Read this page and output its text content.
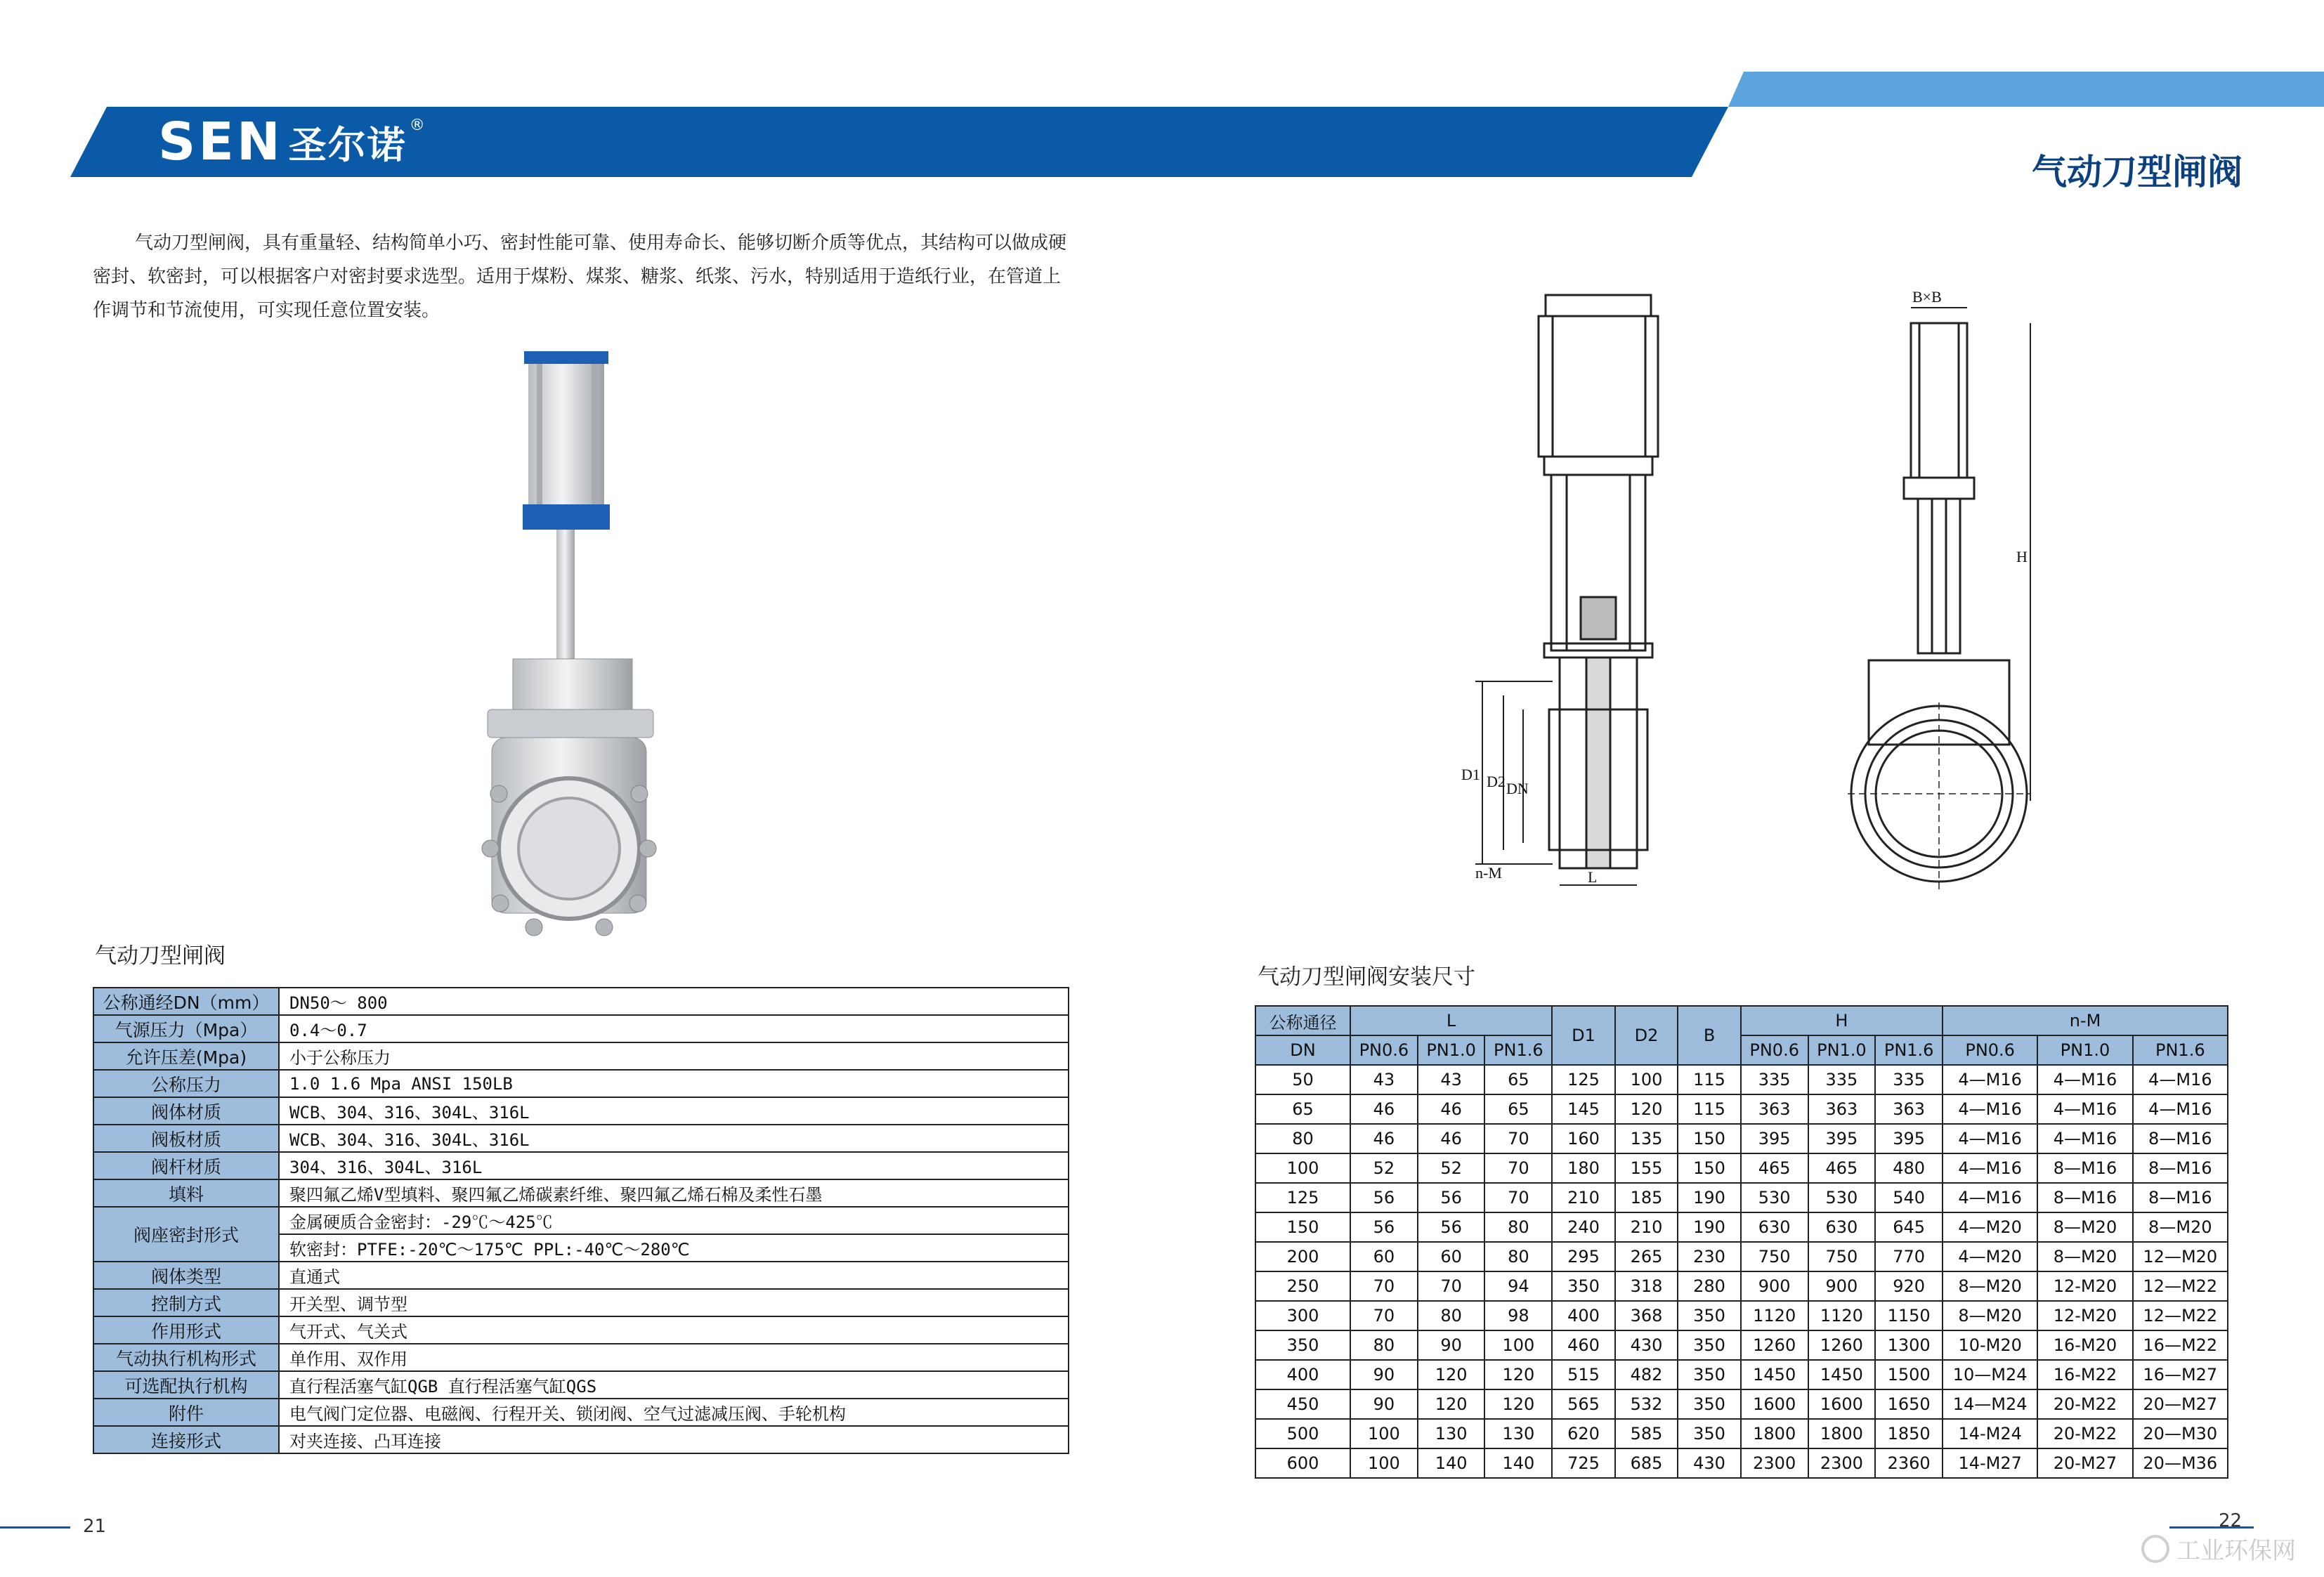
SEN 圣尔诺 ®
气动刀型闸阀

气动刀型闸阀，具有重量轻、结构简单小巧、密封性能可靠、使用寿命长、能够切断介质等优点，其结构可以做成硬密封、软密封，可以根据客户对密封要求选型。适用于煤粉、煤浆、糖浆、纸浆、污水，特别适用于造纸行业，在管道上作调节和节流使用，可实现任意位置安装。

气动刀型闸阀
公称通经DN（mm）	DN50～ 800
气源压力（Mpa）	0.4～0.7
允许压差(Mpa)	小于公称压力
公称压力	1.0 1.6 Mpa ANSI 150LB
阀体材质	WCB、304、316、304L、316L
阀板材质	WCB、304、316、304L、316L
阀杆材质	304、316、304L、316L
填料	聚四氟乙烯V型填料、聚四氟乙烯碳素纤维、聚四氟乙烯石棉及柔性石墨
阀座密封形式	金属硬质合金密封：-29℃～425℃
	软密封：PTFE:-20℃～175℃ PPL:-40℃～280℃
阀体类型	直通式
控制方式	开关型、调节型
作用形式	气开式、气关式
气动执行机构形式	单作用、双作用
可选配执行机构	直行程活塞气缸QGB 直行程活塞气缸QGS
附件	电气阀门定位器、电磁阀、行程开关、锁闭阀、空气过滤减压阀、手轮机构
连接形式	对夹连接、凸耳连接
D1 D2 DN
n-M	L
B×B
H
气动刀型闸阀安装尺寸
公称通径	L			D1	D2	B	H			n-M		
DN	PN0.6	PN1.0	PN1.6				PN0.6	PN1.0	PN1.6	PN0.6	PN1.0	PN1.6
50	43	43	65	125	100	115	335	335	335	4—M16	4—M16	4—M16
65	46	46	65	145	120	115	363	363	363	4—M16	4—M16	4—M16
80	46	46	70	160	135	150	395	395	395	4—M16	4—M16	8—M16
100	52	52	70	180	155	150	465	465	480	4—M16	8—M16	8—M16
125	56	56	70	210	185	190	530	530	540	4—M16	8—M16	8—M16
150	56	56	80	240	210	190	630	630	645	4—M20	8—M20	8—M20
200	60	60	80	295	265	230	750	750	770	4—M20	8—M20	12—M20
250	70	70	94	350	318	280	900	900	920	8—M20	12-M20	12—M22
300	70	80	98	400	368	350	1120	1120	1150	8—M20	12-M20	12—M22
350	80	90	100	460	430	350	1260	1260	1300	10-M20	16-M20	16—M22
400	90	120	120	515	482	350	1450	1450	1500	10—M24	16-M22	16—M27
450	90	120	120	565	532	350	1600	1600	1650	14—M24	20-M22	20—M27
500	100	130	130	620	585	350	1800	1800	1850	14-M24	20-M22	20—M30
600	100	140	140	725	685	430	2300	2300	2360	14-M27	20-M27	20—M36
21	22
工业环保网
